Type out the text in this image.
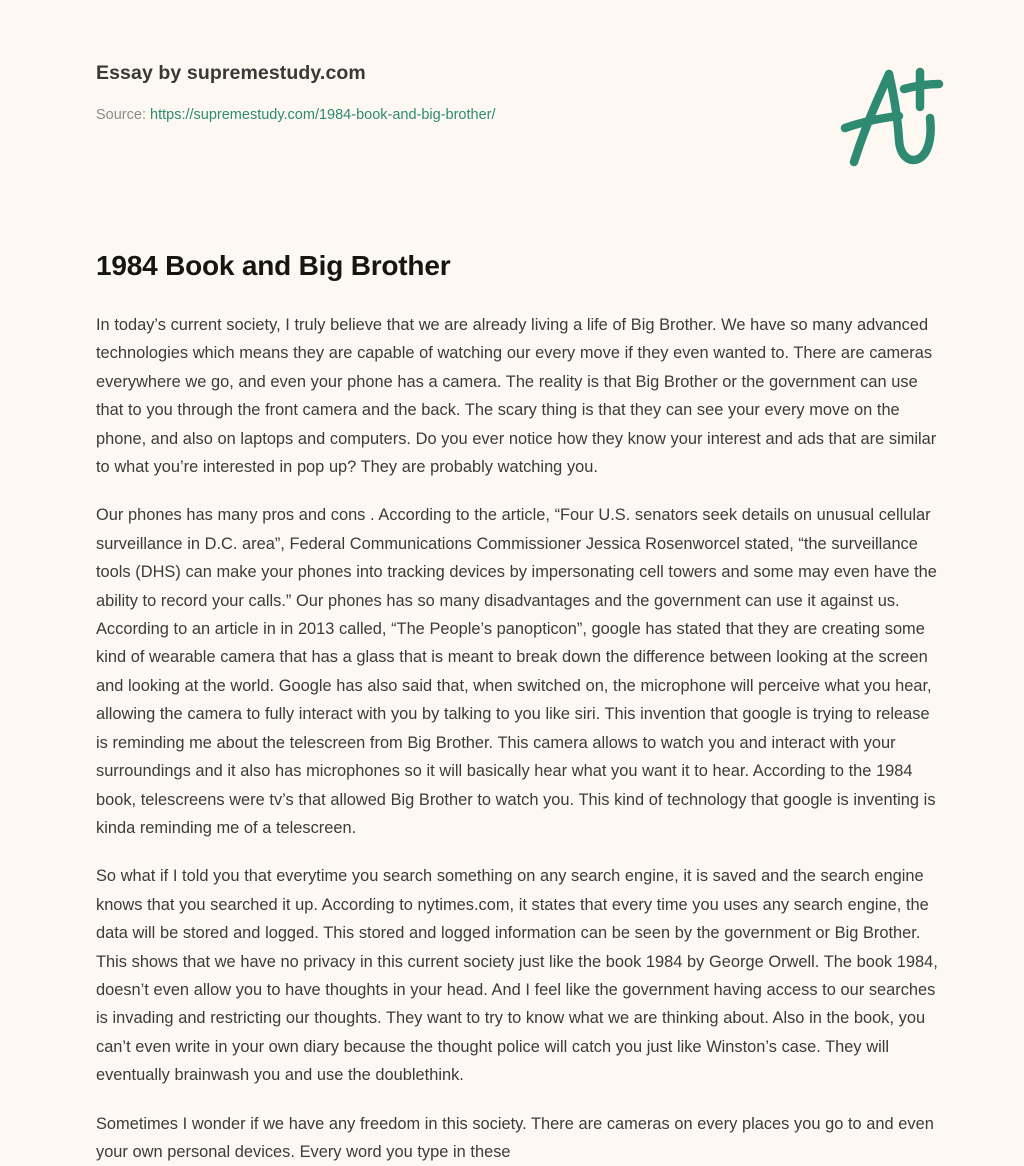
Essay by supremestudy.com
Source: https://supremestudy.com/1984-book-and-big-brother/
1984 Book and Big Brother

In today’s current society, I truly believe that we are already living a life of Big Brother. We have so many advanced technologies which means they are capable of watching our every move if they even wanted to. There are cameras everywhere we go, and even your phone has a camera. The reality is that Big Brother or the government can use that to you through the front camera and the back. The scary thing is that they can see your every move on the phone, and also on laptops and computers. Do you ever notice how they know your interest and ads that are similar to what you’re interested in pop up? They are probably watching you.

Our phones has many pros and cons . According to the article, “Four U.S. senators seek details on unusual cellular surveillance in D.C. area”, Federal Communications Commissioner Jessica Rosenworcel stated, “the surveillance tools (DHS) can make your phones into tracking devices by impersonating cell towers and some may even have the ability to record your calls.” Our phones has so many disadvantages and the government can use it against us. According to an article in in 2013 called, “The People’s panopticon”, google has stated that they are creating some kind of wearable camera that has a glass that is meant to break down the difference between looking at the screen and looking at the world. Google has also said that, when switched on, the microphone will perceive what you hear, allowing the camera to fully interact with you by talking to you like siri. This invention that google is trying to release is reminding me about the telescreen from Big Brother. This camera allows to watch you and interact with your surroundings and it also has microphones so it will basically hear what you want it to hear. According to the 1984 book, telescreens were tv’s that allowed Big Brother to watch you. This kind of technology that google is inventing is kinda reminding me of a telescreen.

So what if I told you that everytime you search something on any search engine, it is saved and the search engine knows that you searched it up. According to nytimes.com, it states that every time you uses any search engine, the data will be stored and logged. This stored and logged information can be seen by the government or Big Brother. This shows that we have no privacy in this current society just like the book 1984 by George Orwell. The book 1984, doesn’t even allow you to have thoughts in your head. And I feel like the government having access to our searches is invading and restricting our thoughts. They want to try to know what we are thinking about. Also in the book, you can’t even write in your own diary because the thought police will catch you just like Winston’s case. They will eventually brainwash you and use the doublethink.

Sometimes I wonder if we have any freedom in this society. There are cameras on every places you go to and even your own personal devices. Every word you type in these
